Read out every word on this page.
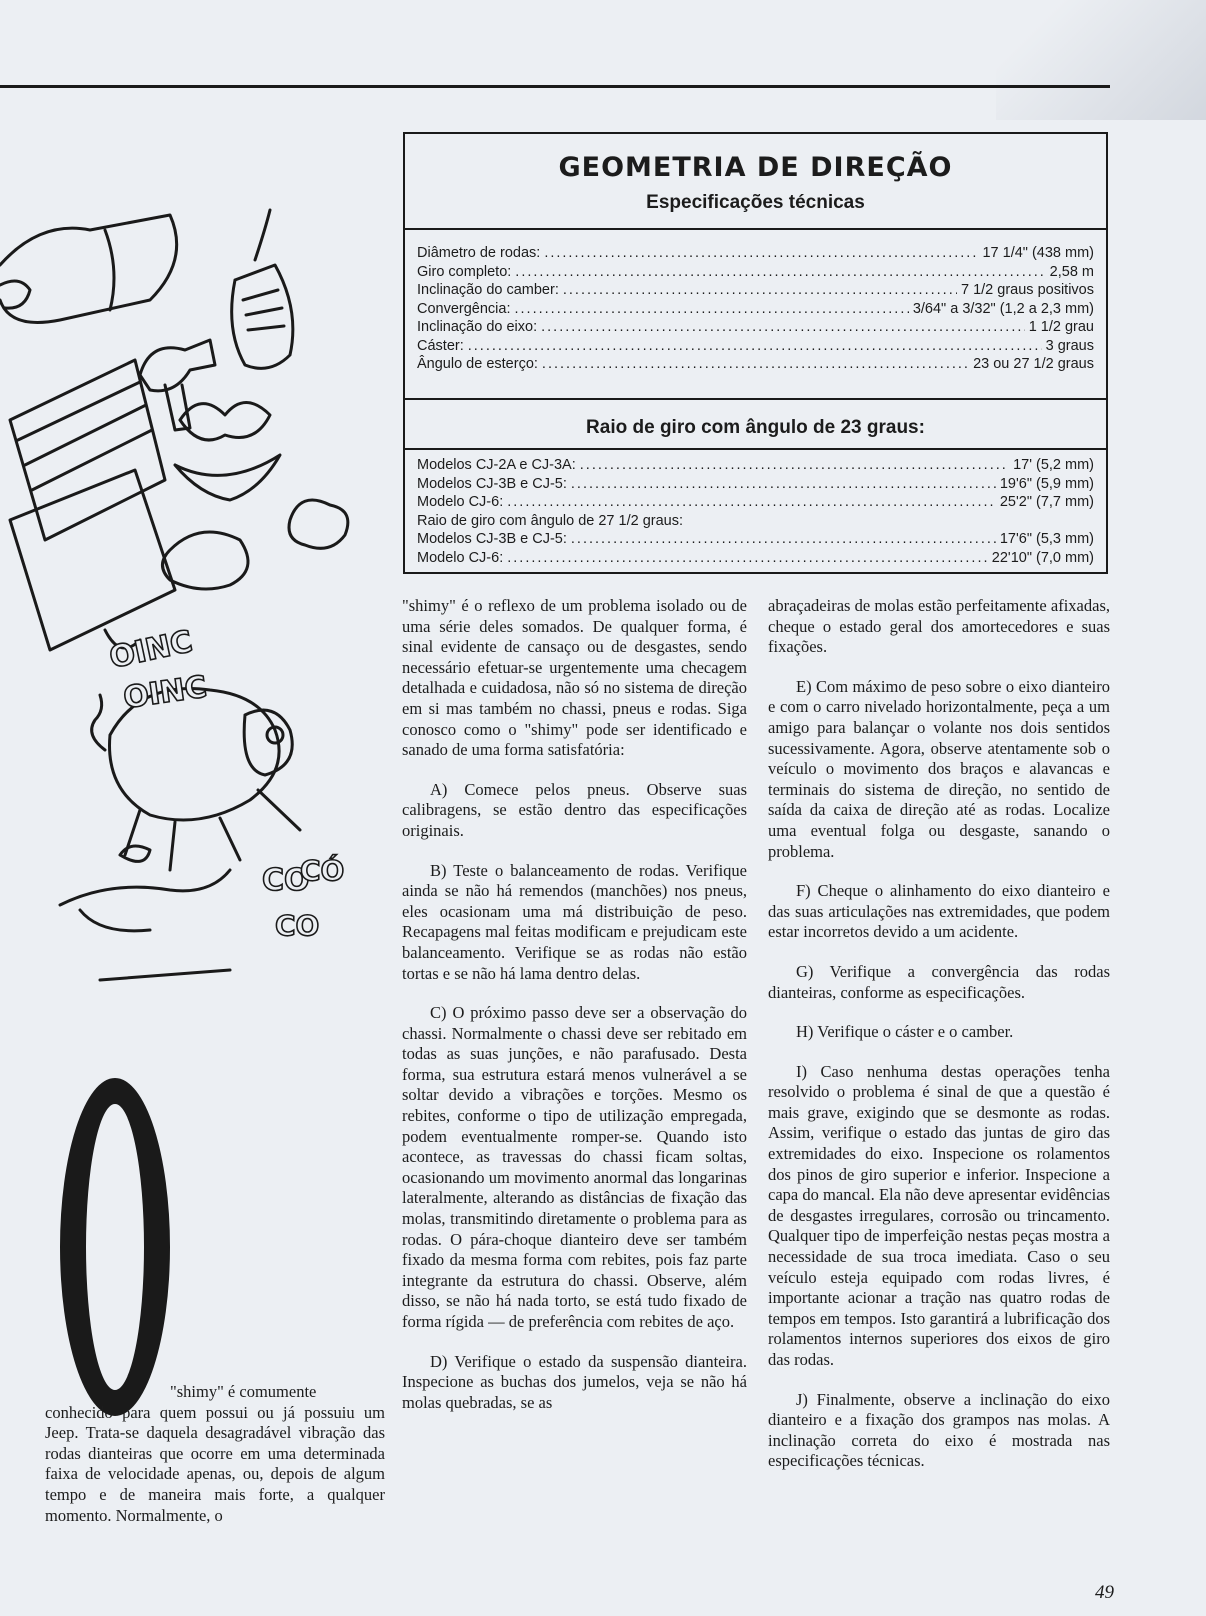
GEOMETRIA DE DIREÇÃO
Especificações técnicas
Diâmetro de rodas: .....	17 1/4" (438 mm)
Giro completo: .....	2,58 m
Inclinação do camber: .....	7 1/2 graus positivos
Convergência: .....	3/64" a 3/32" (1,2 a 2,3 mm)
Inclinação do eixo: .....	1 1/2 grau
Cáster: .....	3 graus
Ângulo de esterço: .....	23 ou 27 1/2 graus
Raio de giro com ângulo de 23 graus:
Modelos CJ-2A e CJ-3A: .....	17' (5,2 mm)
Modelos CJ-3B e CJ-5: .....	19'6" (5,9 mm)
Modelo CJ-6: .....	25'2" (7,7 mm)
Raio de giro com ângulo de 27 1/2 graus:
Modelos CJ-3B e CJ-5: .....	17'6" (5,3 mm)
Modelo CJ-6: .....	22'10" (7,0 mm)
OINC
OINC
CO
CÓ
CO
"shimy" é comumente
conhecido para quem possui ou já possuiu um Jeep. Trata-se daquela desagradável vibração das rodas dianteiras que ocorre em uma determinada faixa de velocidade apenas, ou, depois de algum tempo e de maneira mais forte, a qualquer momento. Normalmente, o

"shimy" é o reflexo de um problema isolado ou de uma série deles somados. De qualquer forma, é sinal evidente de cansaço ou de desgastes, sendo necessário efetuar-se urgentemente uma checagem detalhada e cuidadosa, não só no sistema de direção em si mas também no chassi, pneus e rodas. Siga conosco como o "shimy" pode ser identificado e sanado de uma forma satisfatória:

A) Comece pelos pneus. Observe suas calibragens, se estão dentro das especificações originais.

B) Teste o balanceamento de rodas. Verifique ainda se não há remendos (manchões) nos pneus, eles ocasionam uma má distribuição de peso. Recapagens mal feitas modificam e prejudicam este balanceamento. Verifique se as rodas não estão tortas e se não há lama dentro delas.

C) O próximo passo deve ser a observação do chassi. Normalmente o chassi deve ser rebitado em todas as suas junções, e não parafusado. Desta forma, sua estrutura estará menos vulnerável a se soltar devido a vibrações e torções. Mesmo os rebites, conforme o tipo de utilização empregada, podem eventualmente romper-se. Quando isto acontece, as travessas do chassi ficam soltas, ocasionando um movimento anormal das longarinas lateralmente, alterando as distâncias de fixação das molas, transmitindo diretamente o problema para as rodas. O pára-choque dianteiro deve ser também fixado da mesma forma com rebites, pois faz parte integrante da estrutura do chassi. Observe, além disso, se não há nada torto, se está tudo fixado de forma rígida — de preferência com rebites de aço.

D) Verifique o estado da suspensão dianteira. Inspecione as buchas dos jumelos, veja se não há molas quebradas, se as

abraçadeiras de molas estão perfeitamente afixadas, cheque o estado geral dos amortecedores e suas fixações.

E) Com máximo de peso sobre o eixo dianteiro e com o carro nivelado horizontalmente, peça a um amigo para balançar o volante nos dois sentidos sucessivamente. Agora, observe atentamente sob o veículo o movimento dos braços e alavancas e terminais do sistema de direção, no sentido de saída da caixa de direção até as rodas. Localize uma eventual folga ou desgaste, sanando o problema.

F) Cheque o alinhamento do eixo dianteiro e das suas articulações nas extremidades, que podem estar incorretos devido a um acidente.

G) Verifique a convergência das rodas dianteiras, conforme as especificações.

H) Verifique o cáster e o camber.

I) Caso nenhuma destas operações tenha resolvido o problema é sinal de que a questão é mais grave, exigindo que se desmonte as rodas. Assim, verifique o estado das juntas de giro das extremidades do eixo. Inspecione os rolamentos dos pinos de giro superior e inferior. Inspecione a capa do mancal. Ela não deve apresentar evidências de desgastes irregulares, corrosão ou trincamento. Qualquer tipo de imperfeição nestas peças mostra a necessidade de sua troca imediata. Caso o seu veículo esteja equipado com rodas livres, é importante acionar a tração nas quatro rodas de tempos em tempos. Isto garantirá a lubrificação dos rolamentos internos superiores dos eixos de giro das rodas.

J) Finalmente, observe a inclinação do eixo dianteiro e a fixação dos grampos nas molas. A inclinação correta do eixo é mostrada nas especificações técnicas.

49
